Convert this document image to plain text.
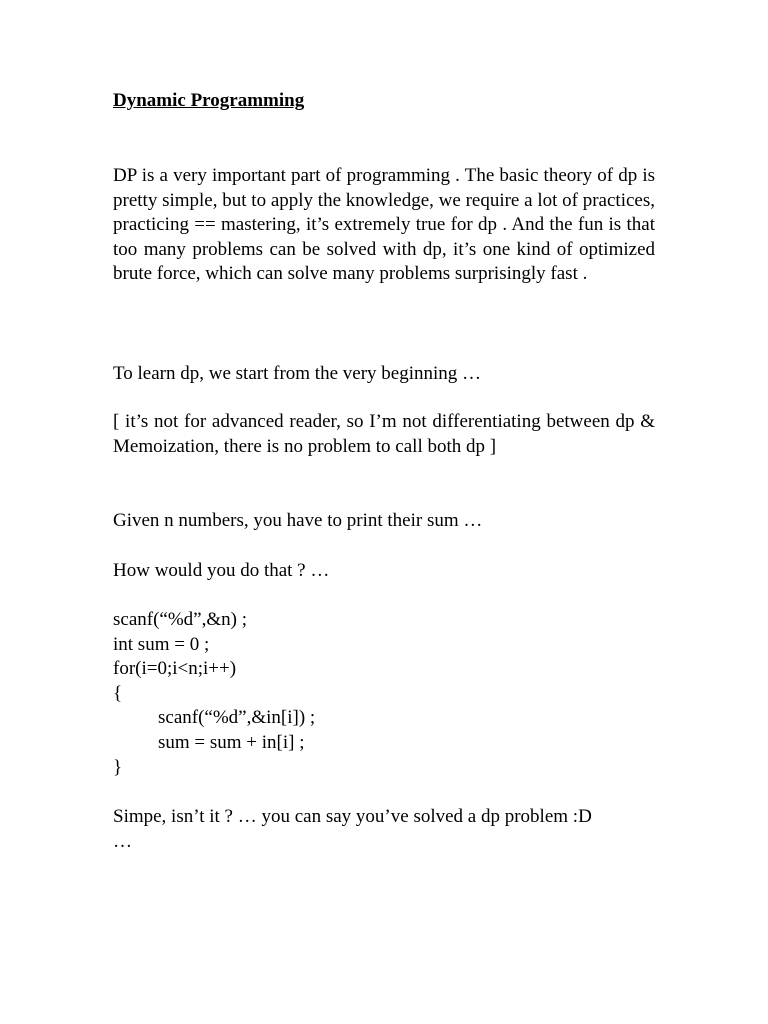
Dynamic Programming

DP is a very important part of programming . The basic theory of dp is pretty simple, but to apply the knowledge, we require a lot of practices, practicing == mastering, it’s extremely true for dp . And the fun is that too many problems can be solved with dp, it’s one kind of optimized brute force, which can solve many problems surprisingly fast .

To learn dp, we start from the very beginning …

[ it’s not for advanced reader, so I’m not differentiating between dp & Memoization, there is no problem to call both dp ]

Given n numbers, you have to print their sum …

How would you do that ? …

scanf(“%d”,&n) ;
int sum = 0 ;
for(i=0;i<n;i++)
{
scanf(“%d”,&in[i]) ;
sum = sum + in[i] ;
}

Simpe, isn’t it ? … you can say you’ve solved a dp problem :D

…
